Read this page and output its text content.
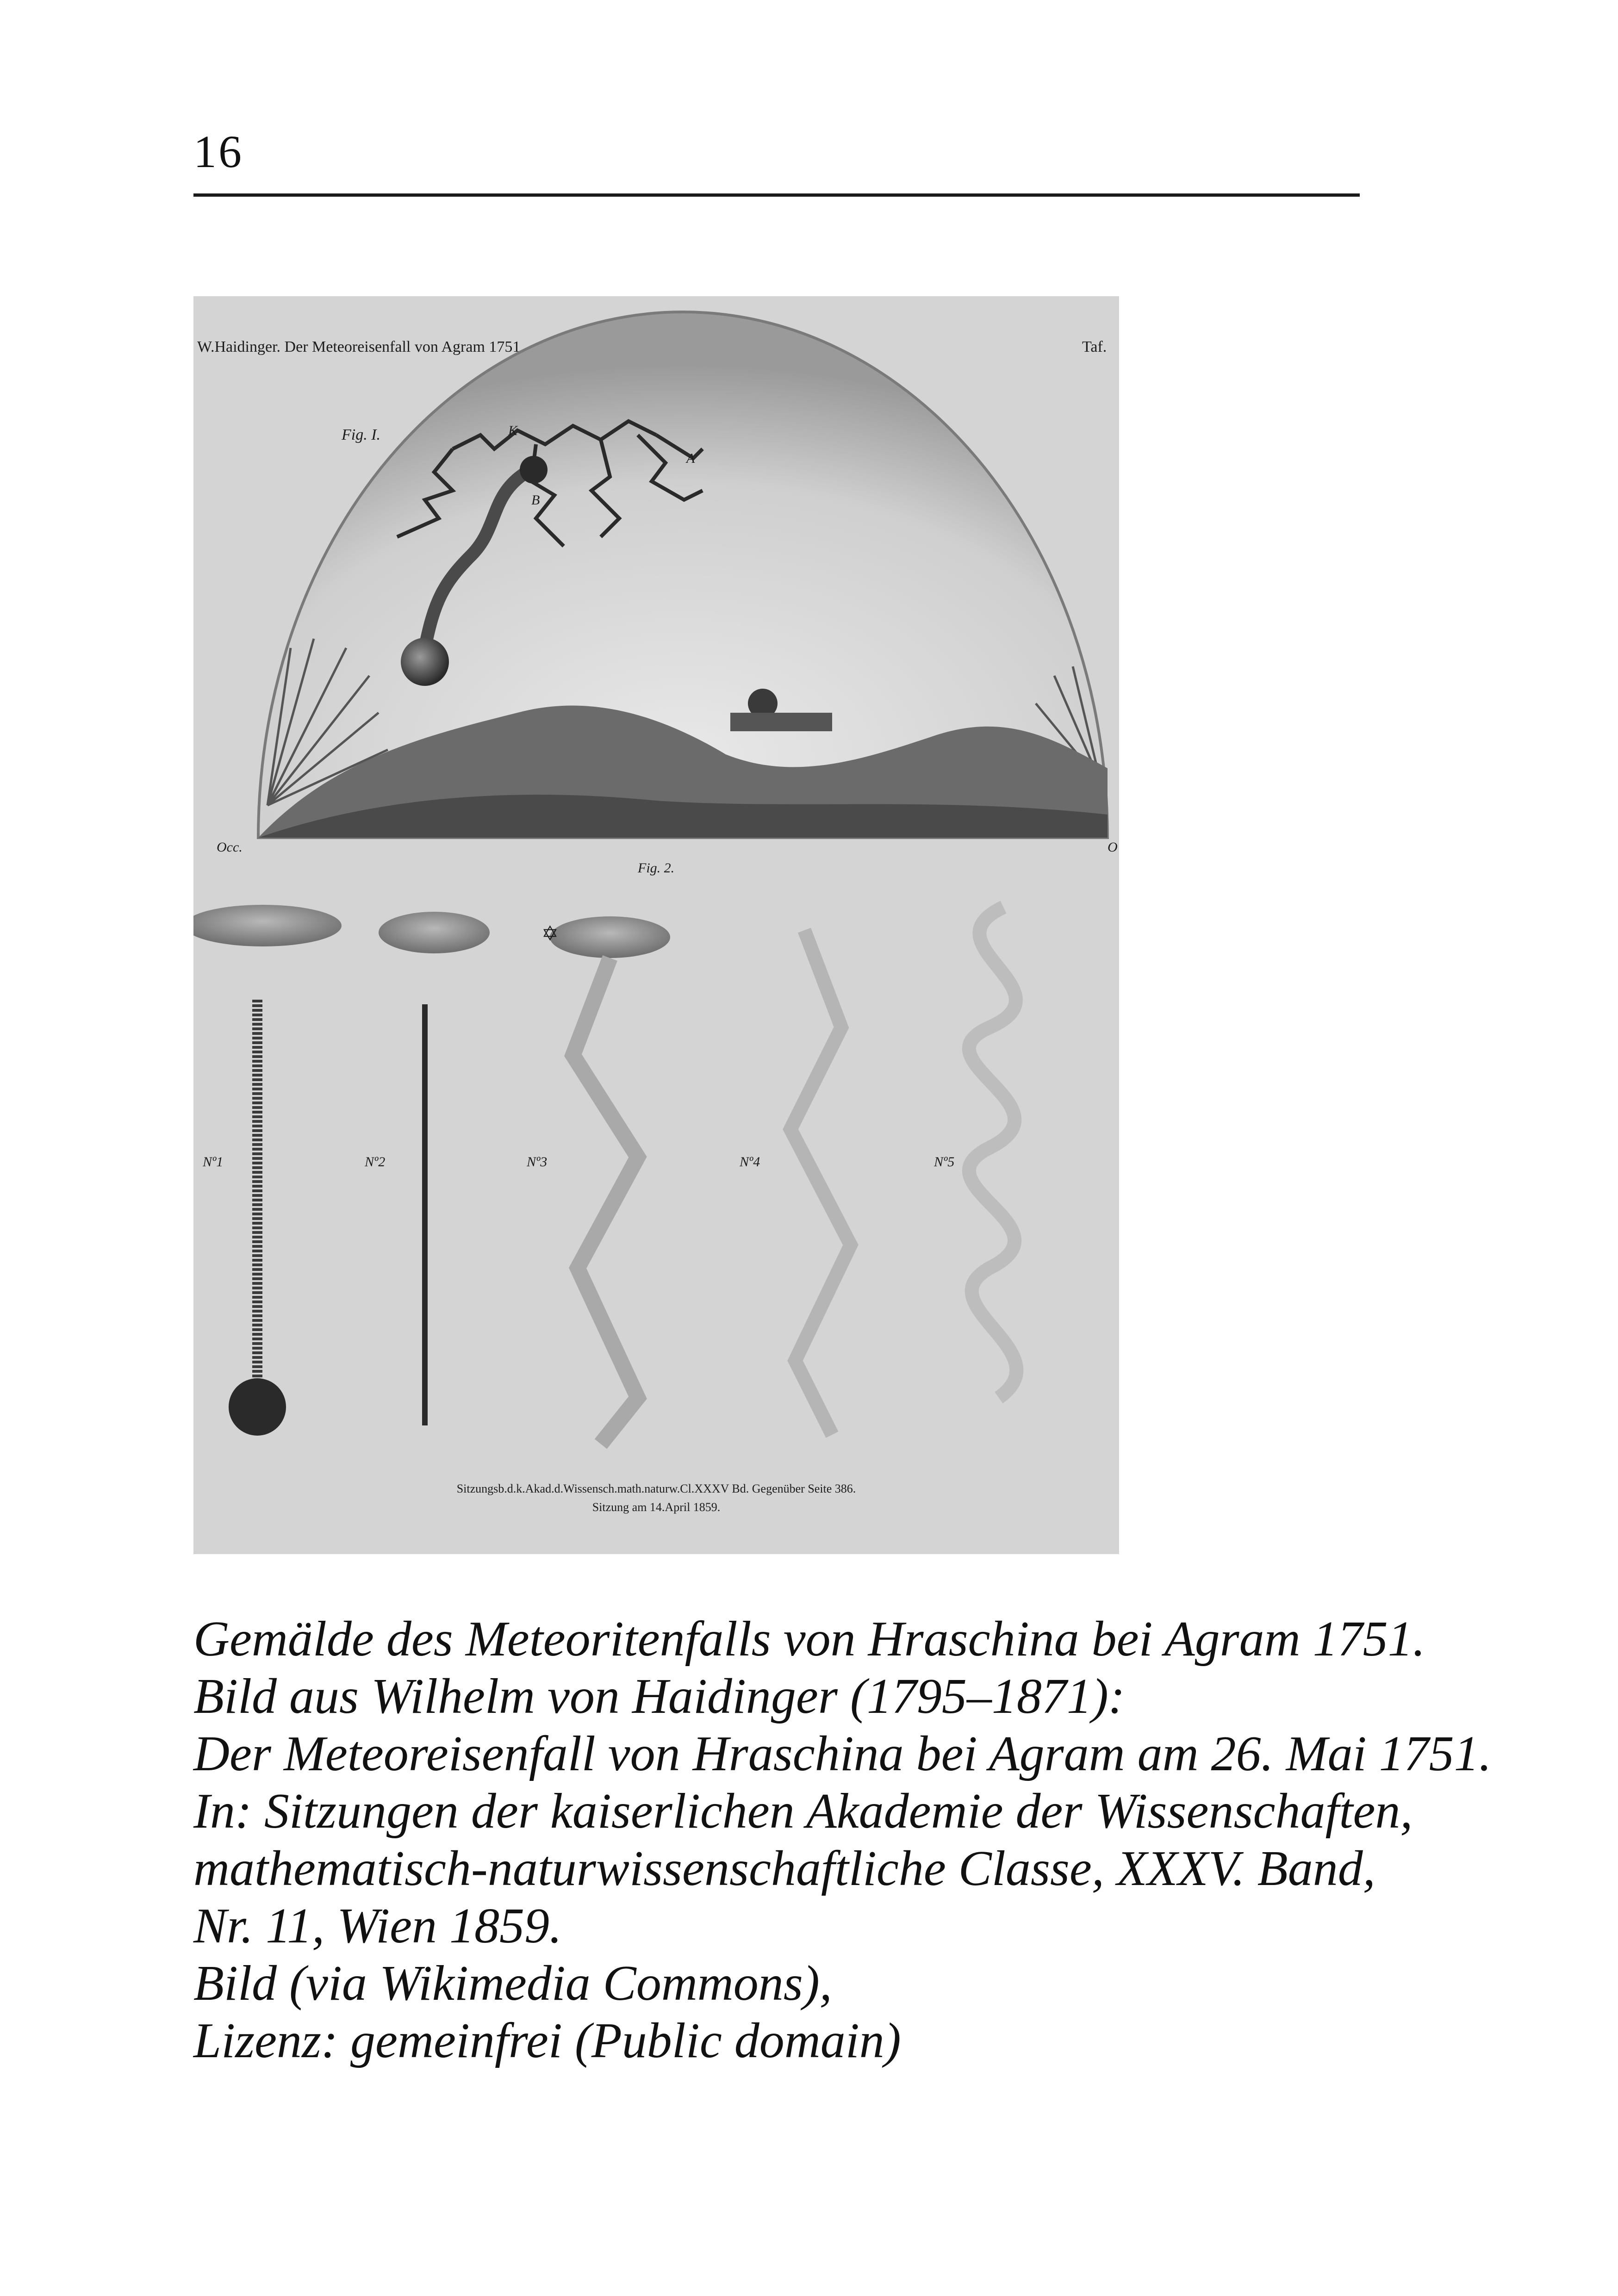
16
W.Haidinger. Der Meteoreisenfall von Agram 1751.	Taf.
Fig. I.	K
A
B
Occ.	O
Fig. 2.
✡
Nº1	Nº2	Nº3	Nº4	Nº5
Sitzungsb.d.k.Akad.d.Wissensch.math.naturw.Cl.XXXV Bd. Gegenüber Seite 386.
Sitzung am 14.April 1859.
Gemälde des Meteoritenfalls von Hraschina bei Agram 1751.
Bild aus Wilhelm von Haidinger (1795–1871):
Der Meteoreisenfall von Hraschina bei Agram am 26. Mai 1751.
In: Sitzungen der kaiserlichen Akademie der Wissenschaften,
mathematisch-naturwissenschaftliche Classe, XXXV. Band,
Nr. 11, Wien 1859.
Bild (via Wikimedia Commons),
Lizenz: gemeinfrei (Public domain)
